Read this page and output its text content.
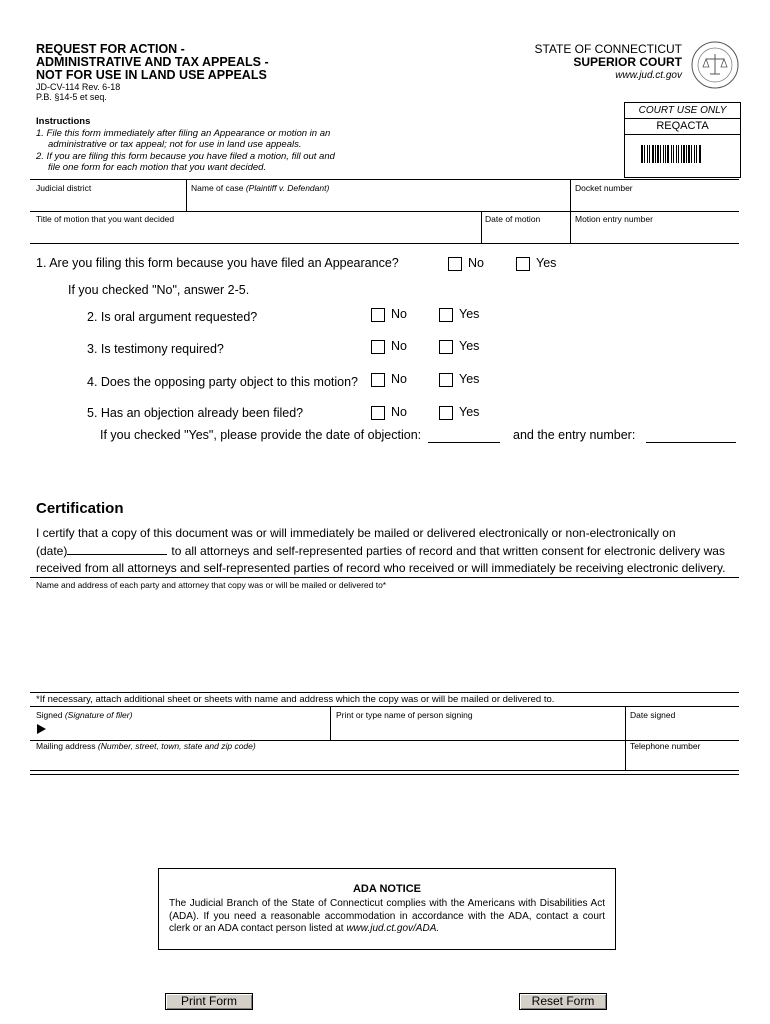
REQUEST FOR ACTION -
ADMINISTRATIVE AND TAX APPEALS -
NOT FOR USE IN LAND USE APPEALS
JD-CV-114 Rev. 6-18
P.B. §14-5 et seq.
STATE OF CONNECTICUT
SUPERIOR COURT
www.jud.ct.gov
COURT USE ONLY
REQACTA
Instructions
1. File this form immediately after filing an Appearance or motion in an
administrative or tax appeal; not for use in land use appeals.
2. If you are filing this form because you have filed a motion, fill out and
file one form for each motion that you want decided.
Judicial district	Name of case (Plaintiff v. Defendant)	Docket number
Title of motion that you want decided	Date of motion	Motion entry number
1. Are you filing this form because you have filed an Appearance?	No	Yes
If you checked "No", answer 2-5.
2. Is oral argument requested?	No	Yes
3. Is testimony required?	No	Yes
4. Does the opposing party object to this motion?	No	Yes
5. Has an objection already been filed?	No	Yes
If you checked "Yes", please provide the date of objection:	and the entry number:
Certification
I certify that a copy of this document was or will immediately be mailed or delivered electronically or non-electronically on
(date)	to all attorneys and self-represented parties of record and that written consent for electronic delivery was
received from all attorneys and self-represented parties of record who received or will immediately be receiving electronic delivery.
Name and address of each party and attorney that copy was or will be mailed or delivered to*
*If necessary, attach additional sheet or sheets with name and address which the copy was or will be mailed or delivered to.
Signed (Signature of filer)	Print or type name of person signing	Date signed
Mailing address (Number, street, town, state and zip code)	Telephone number
ADA NOTICE
The Judicial Branch of the State of Connecticut complies with the Americans with Disabilities Act (ADA). If you need a reasonable accommodation in accordance with the ADA, contact a court clerk or an ADA contact person listed at www.jud.ct.gov/ADA.
Print Form	Reset Form
